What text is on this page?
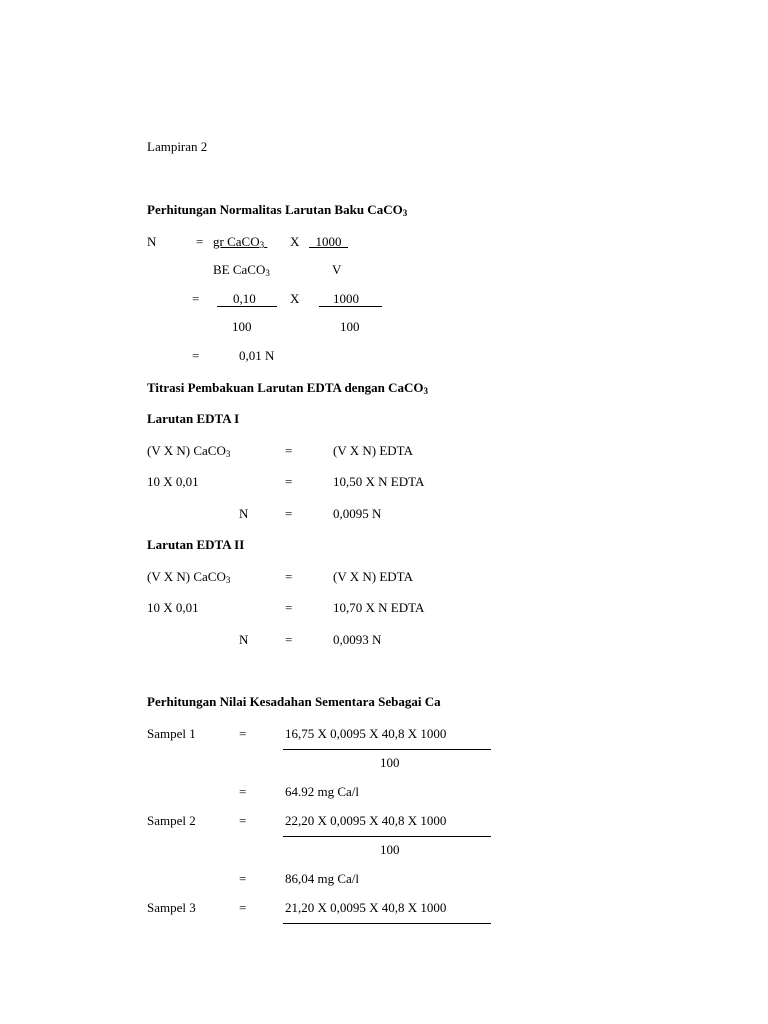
Lampiran 2
Perhitungan Normalitas Larutan Baku CaCO$_3$
N	= gr CaCO$_3$ X	1000
BE CaCO$_3$	V
=	0,10	X	1000
100	100
=	0,01 N
Titrasi Pembakuan Larutan EDTA dengan CaCO$_3$
Larutan EDTA I
(V X N) CaCO$_3$	=	(V X N) EDTA
10 X 0,01	=	10,50 X N EDTA
N	=	0,0095 N
Larutan EDTA II
(V X N) CaCO$_3$	=	(V X N) EDTA
10 X 0,01	=	10,70 X N EDTA
N	=	0,0093 N
Perhitungan Nilai Kesadahan Sementara Sebagai Ca
Sampel 1	=	16,75 X 0,0095 X 40,8 X 1000
100
=	64.92 mg Ca/l
Sampel 2	=	22,20 X 0,0095 X 40,8 X 1000
100
=	86,04 mg Ca/l
Sampel 3	=	21,20 X 0,0095 X 40,8 X 1000
